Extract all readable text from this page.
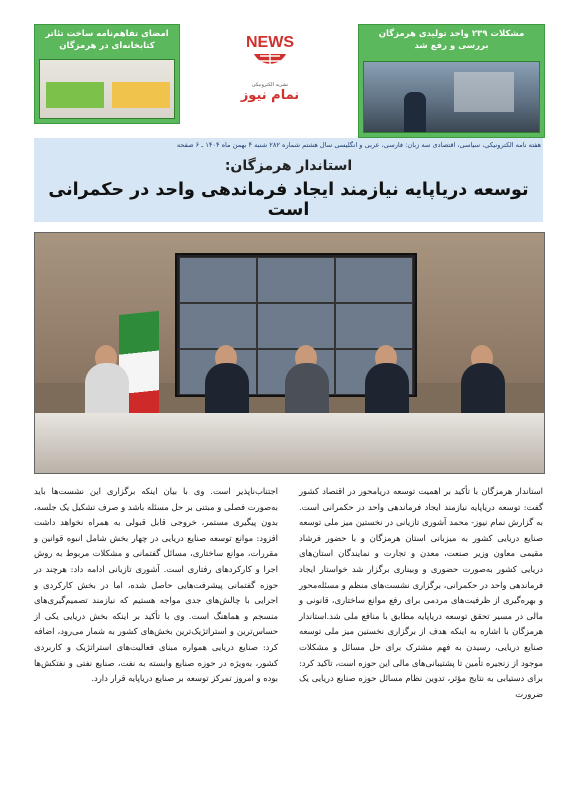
امضای تفاهم‌نامه ساخت تئاتر کتابخانه‌ای در هرمزگان	NEWS
نشریه الکترونیکی
نمام نیوز
مشکلات ۲۳۹ واحد تولیدی هرمزگان بررسی و رفع شد
هفته نامه الکترونیکی، سیاسی، اقتصادی سه زبان: فارسی، عربی و انگلیسی سال هشتم شماره ۲۸۲ شنبه ۴ بهمن ماه ۱۴۰۴ ـ ۶ صفحه
استاندار هرمزگان:
توسعه دریاپایه نیازمند ایجاد فرماندهی واحد در حکمرانی است

استاندار هرمزگان با تأکید بر اهمیت توسعه دریامحور در اقتصاد کشور گفت: توسعه دریاپایه نیازمند ایجاد فرماندهی واحد در حکمرانی است. به گزارش نمام نیوز- محمد آشوری تازیانی در نخستین میز ملی توسعه صنایع دریایی کشور به میزبانی استان هرمزگان و با حضور فرشاد مقیمی معاون وزیر صنعت، معدن و تجارت و نمایندگان استان‌های دریایی کشور به‌صورت حضوری و وبیناری برگزار شد خواستار ایجاد فرماندهی واحد در حکمرانی، برگزاری نشست‌های منظم و مسئله‌محور و بهره‌گیری از ظرفیت‌های مردمی برای رفع موانع ساختاری، قانونی و مالی در مسیر تحقق توسعه دریاپایه مطابق با منافع ملی شد.استاندار هرمزگان با اشاره به اینکه هدف از برگزاری نخستین میز ملی توسعه صنایع دریایی، رسیدن به فهم مشترک برای حل مسائل و مشکلات موجود از زنجیره تأمین تا پشتیبانی‌های مالی این حوزه است، تاکید کرد: برای دستیابی به نتایج مؤثر، تدوین نظام مسائل حوزه صنایع دریایی یک ضرورت

اجتناب‌ناپذیر است. وی با بیان اینکه برگزاری این نشست‌ها باید به‌صورت فصلی و مبتنی بر حل مسئله باشد و صرف تشکیل یک جلسه، بدون پیگیری مستمر، خروجی قابل قبولی به همراه نخواهد داشت افزود: موانع توسعه صنایع دریایی در چهار بخش شامل انبوه قوانین و مقررات، موانع ساختاری، مسائل گفتمانی و مشکلات مربوط به روش اجرا و کارکردهای رفتاری است. آشوری تازیانی ادامه داد: هرچند در حوزه گفتمانی پیشرفت‌هایی حاصل شده، اما در بخش کارکردی و اجرایی با چالش‌های جدی مواجه هستیم که نیازمند تصمیم‌گیری‌های منسجم و هماهنگ است. وی با تأکید بر اینکه بخش دریایی یکی از حساس‌ترین و استراتژیک‌ترین بخش‌های کشور به شمار می‌رود، اضافه کرد: صنایع دریایی همواره مبنای فعالیت‌های استراتژیک و کاربردی کشور، به‌ویژه در حوزه صنایع وابسته به نفت، صنایع نفتی و نفتکش‌ها بوده و امروز تمرکز توسعه بر صنایع دریاپایه قرار دارد.
